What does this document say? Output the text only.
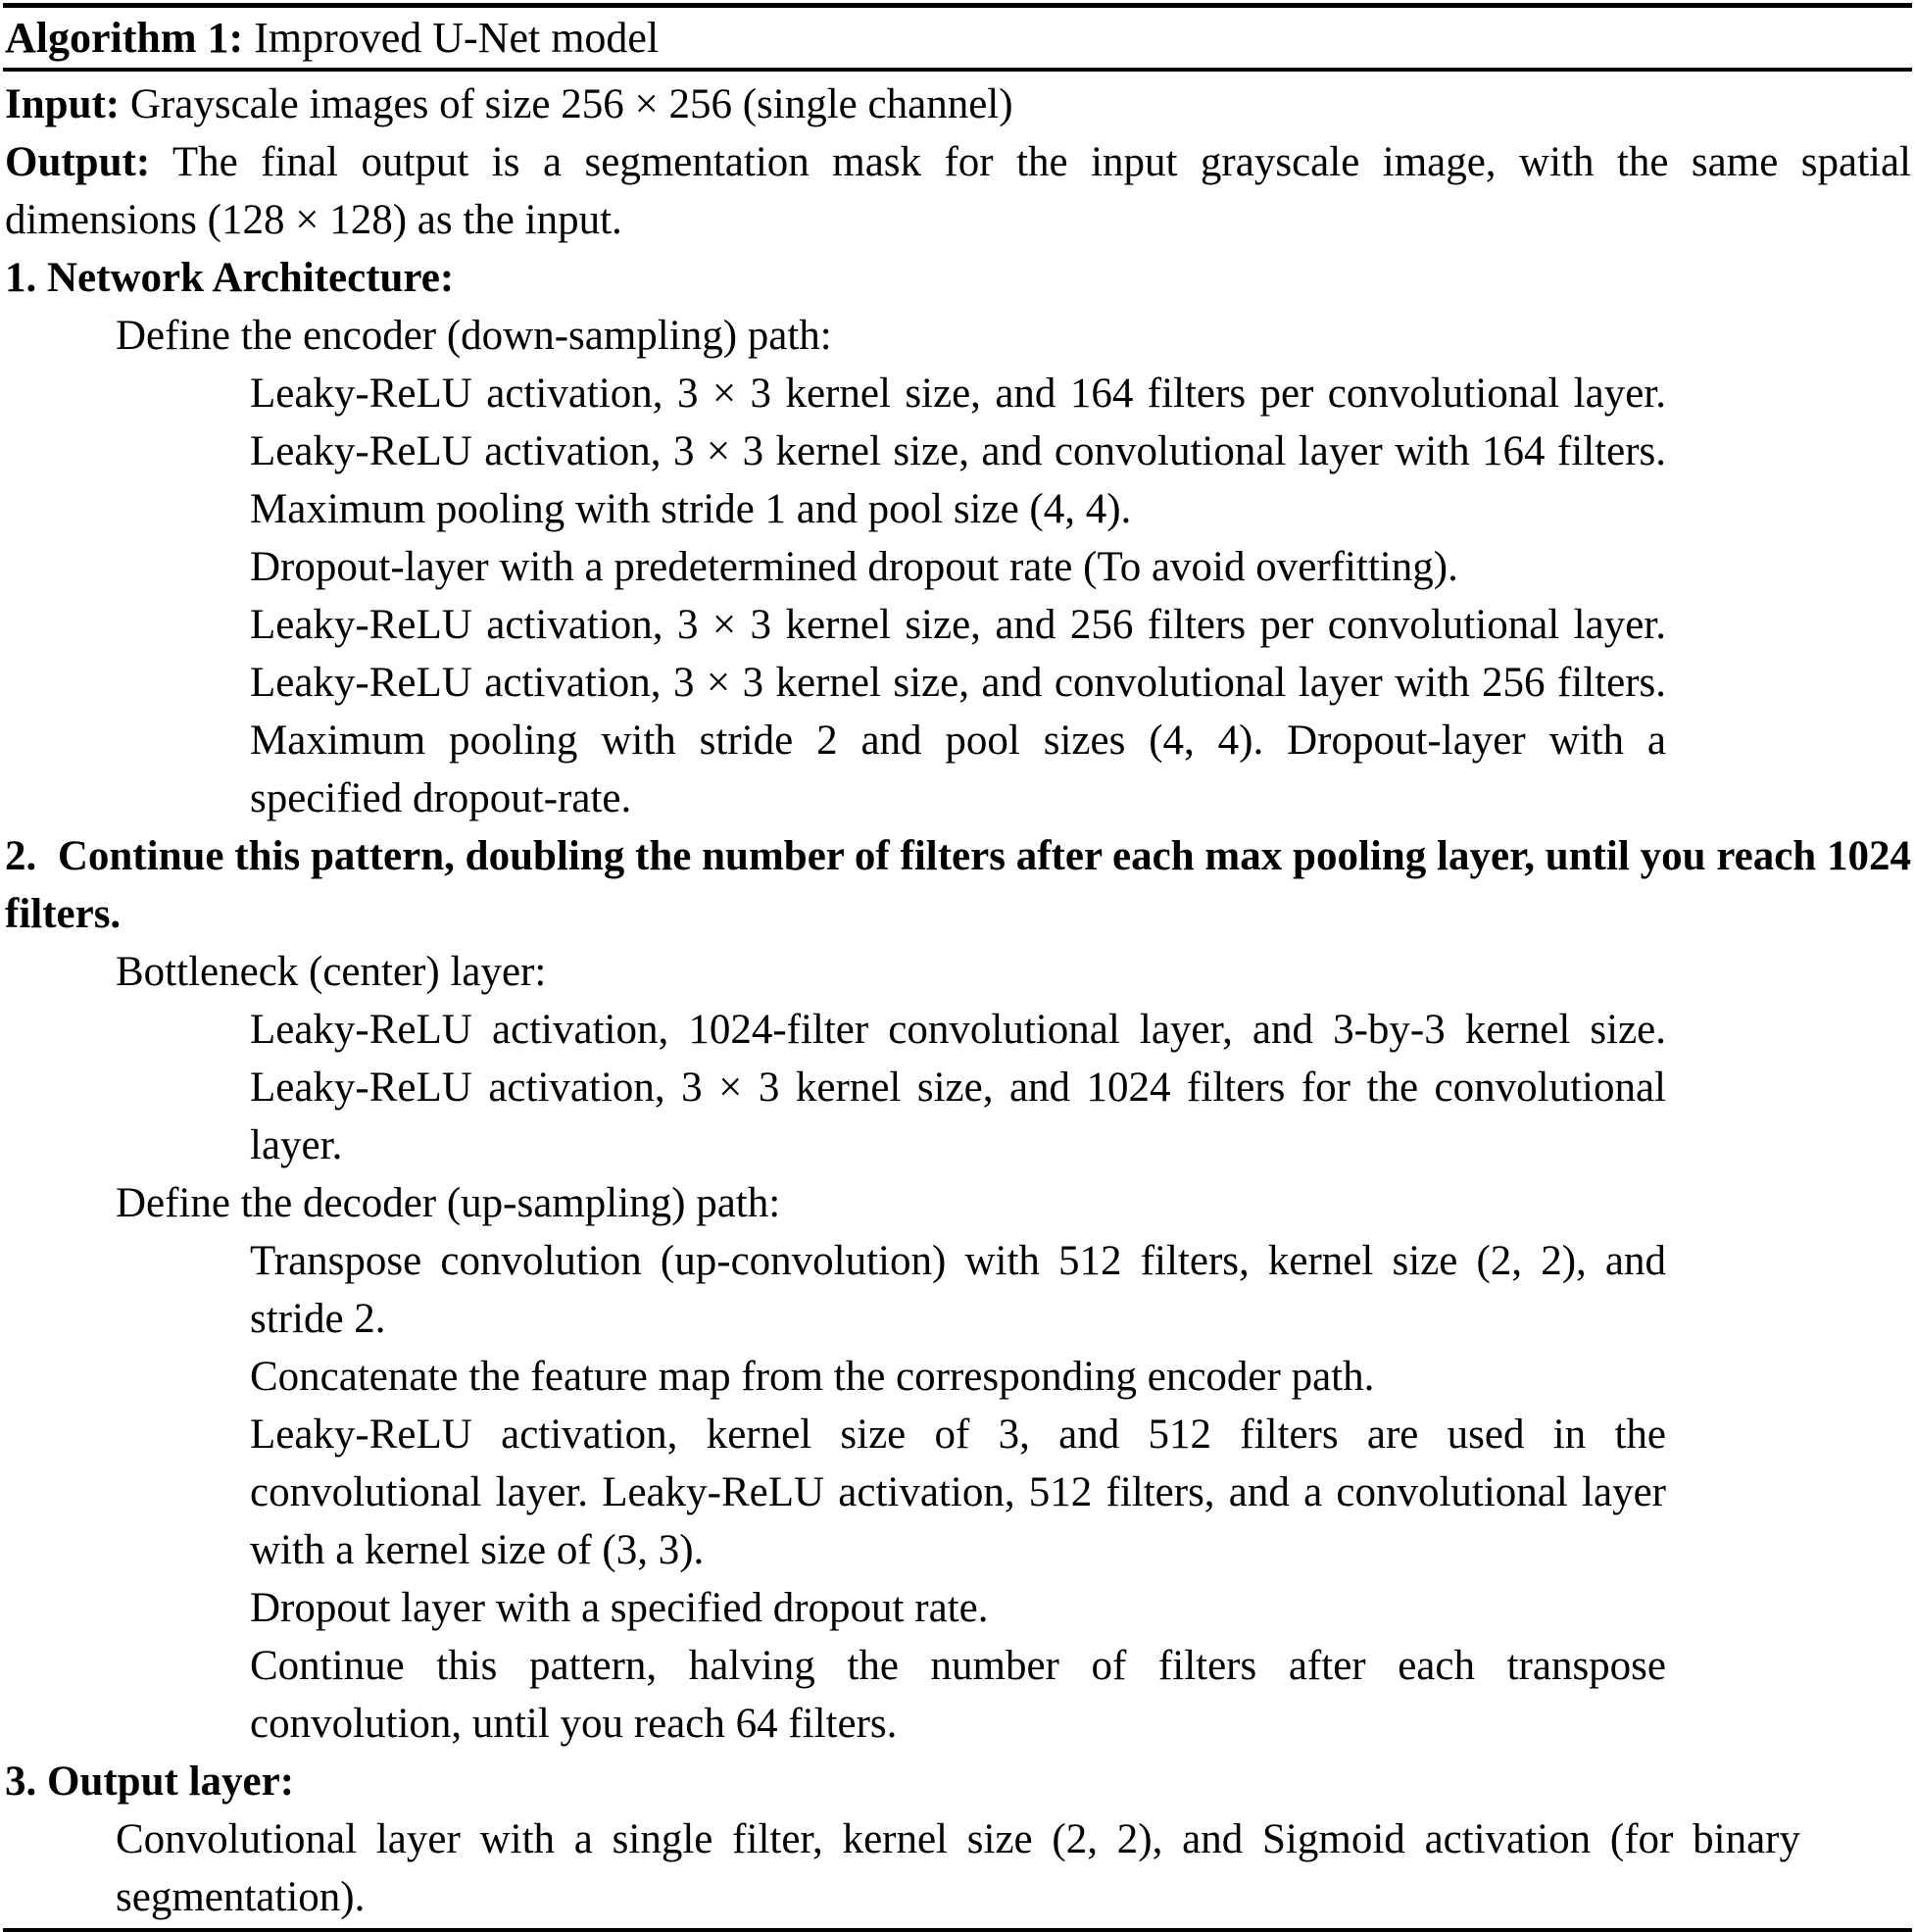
Algorithm 1: Improved U-Net model

Input: Grayscale images of size 256 × 256 (single channel)

Output: The final output is a segmentation mask for the input grayscale image, with the same spatial dimensions (128 × 128) as the input.

1. Network Architecture:

Define the encoder (down-sampling) path:

Leaky-ReLU activation, 3 × 3 kernel size, and 164 filters per convolutional layer. Leaky-ReLU activation, 3 × 3 kernel size, and convolutional layer with 164 filters. Maximum pooling with stride 1 and pool size (4, 4).

Dropout-layer with a predetermined dropout rate (To avoid overfitting).

Leaky-ReLU activation, 3 × 3 kernel size, and 256 filters per convolutional layer. Leaky-ReLU activation, 3 × 3 kernel size, and convolutional layer with 256 filters. Maximum pooling with stride 2 and pool sizes (4, 4). Dropout-layer with a specified dropout-rate.

2. Continue this pattern, doubling the number of filters after each max pooling layer, until you reach 1024 filters.

Bottleneck (center) layer:

Leaky-ReLU activation, 1024-filter convolutional layer, and 3-by-3 kernel size. Leaky-ReLU activation, 3 × 3 kernel size, and 1024 filters for the convolutional layer.

Define the decoder (up-sampling) path:

Transpose convolution (up-convolution) with 512 filters, kernel size (2, 2), and stride 2.

Concatenate the feature map from the corresponding encoder path.

Leaky-ReLU activation, kernel size of 3, and 512 filters are used in the convolutional layer. Leaky-ReLU activation, 512 filters, and a convolutional layer with a kernel size of (3, 3).

Dropout layer with a specified dropout rate.

Continue this pattern, halving the number of filters after each transpose convolution, until you reach 64 filters.

3. Output layer:

Convolutional layer with a single filter, kernel size (2, 2), and Sigmoid activation (for binary segmentation).
